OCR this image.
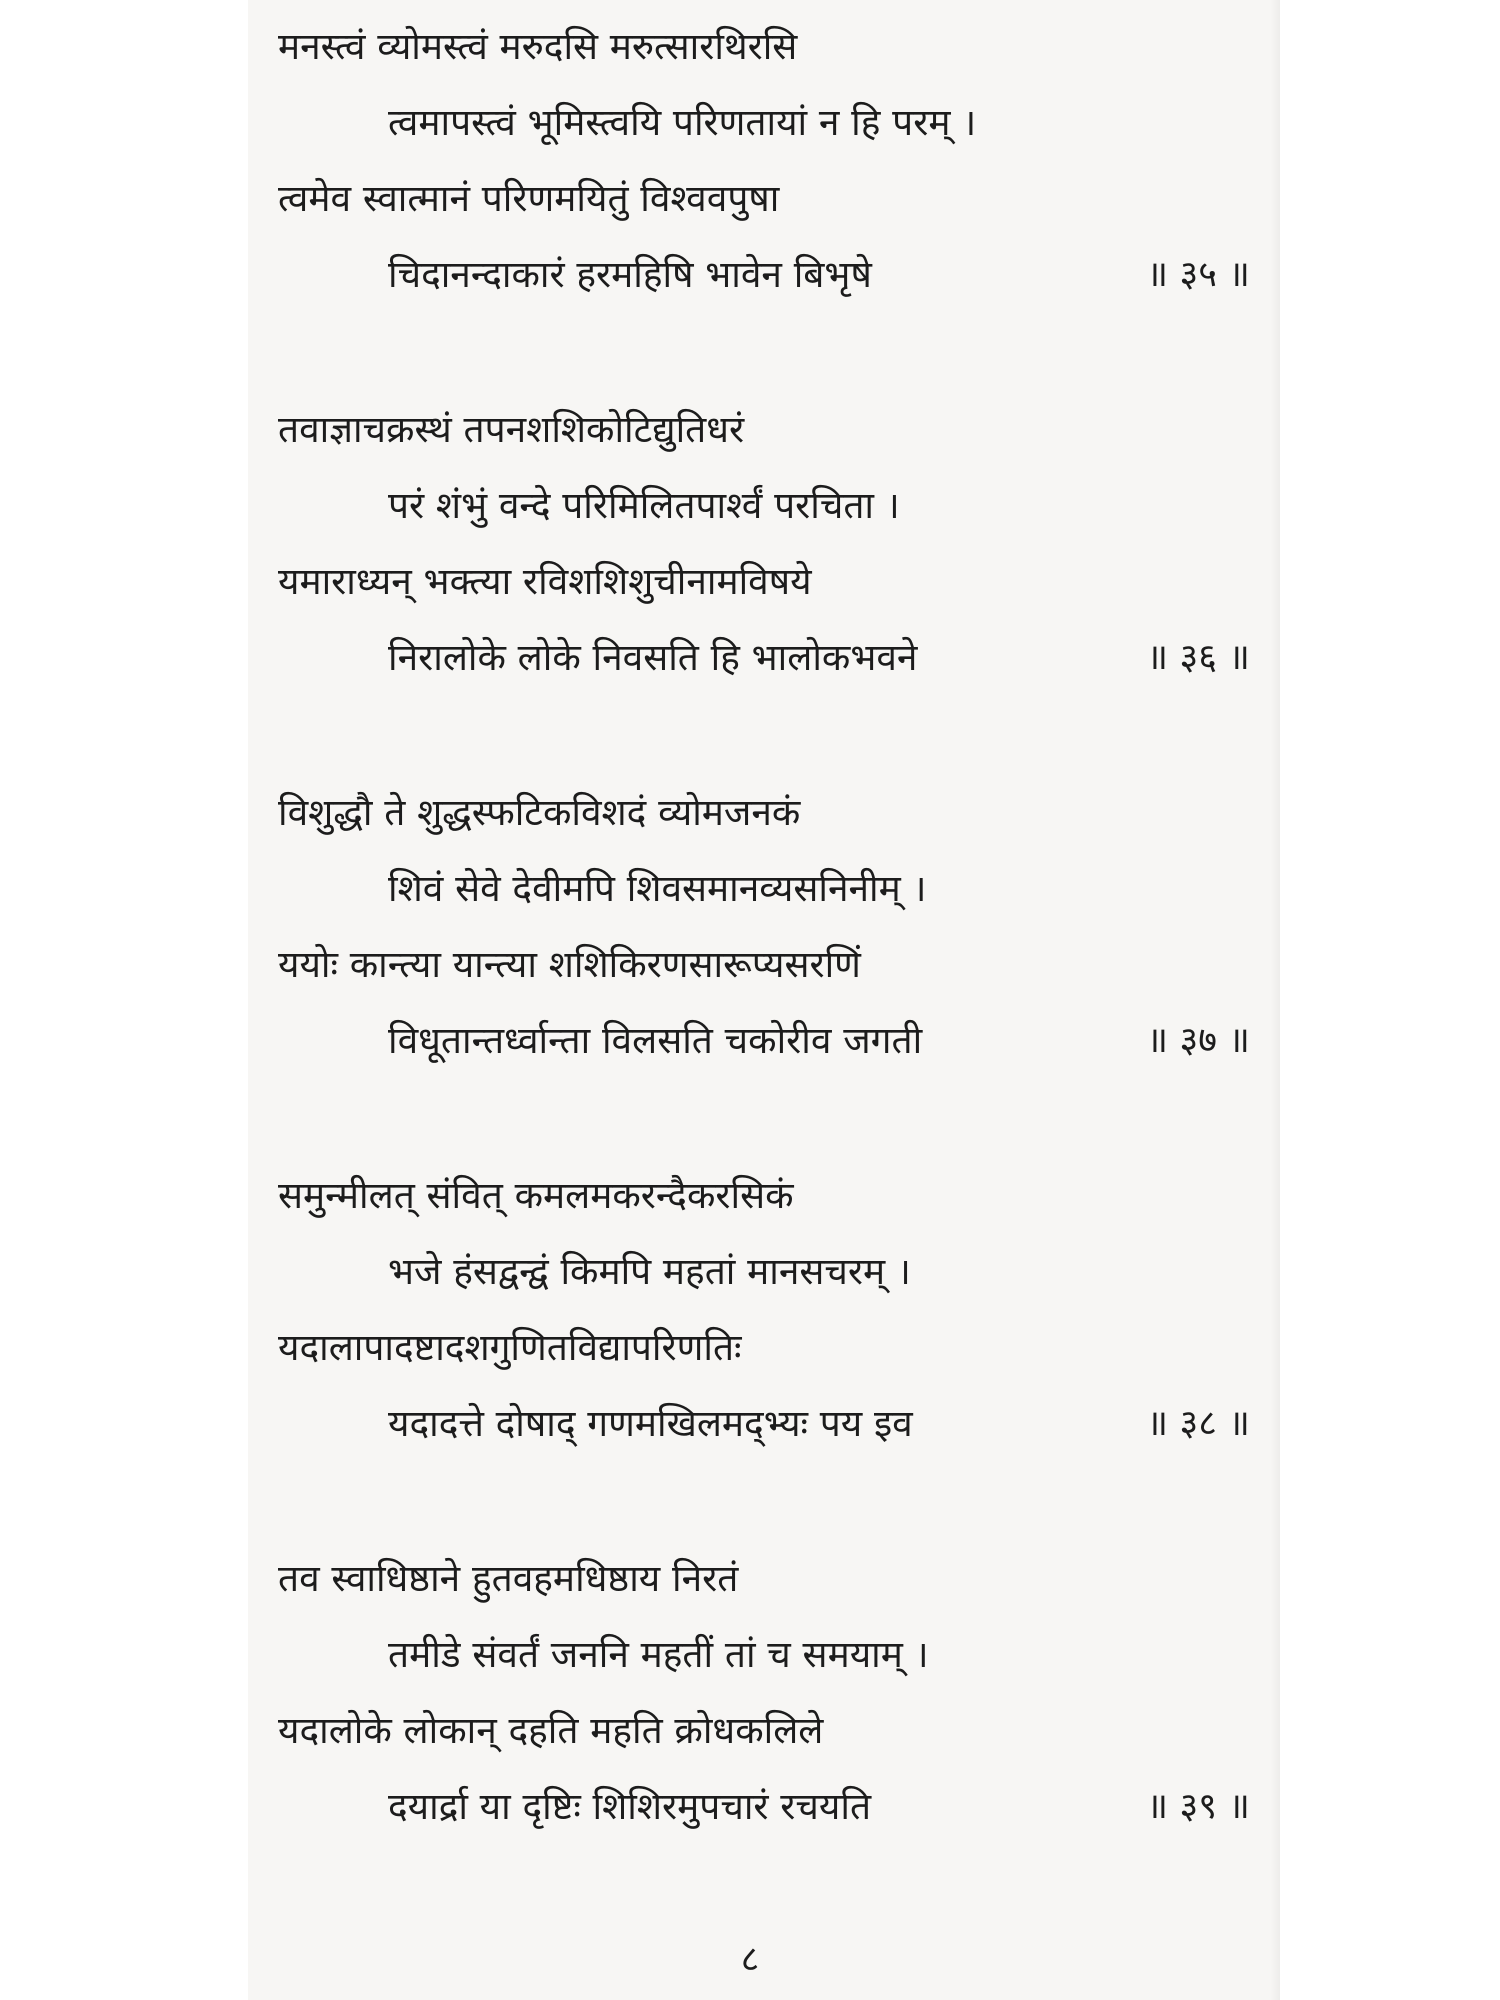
मनस्त्वं व्योमस्त्वं मरुदसि मरुत्सारथिरसि
त्वमापस्त्वं भूमिस्त्वयि परिणतायां न हि परम् ।
त्वमेव स्वात्मानं परिणमयितुं विश्ववपुषा
चिदानन्दाकारं हरमहिषि भावेन बिभृषे	॥ ३५ ॥
तवाज्ञाचक्रस्थं तपनशशिकोटिद्युतिधरं
परं शंभुं वन्दे परिमिलितपार्श्वं परचिता ।
यमाराध्यन् भक्त्या रविशशिशुचीनामविषये
निरालोके लोके निवसति हि भालोकभवने	॥ ३६ ॥
विशुद्धौ ते शुद्धस्फटिकविशदं व्योमजनकं
शिवं सेवे देवीमपि शिवसमानव्यसनिनीम् ।
ययोः कान्त्या यान्त्या शशिकिरणसारूप्यसरणिं
विधूतान्तर्ध्वान्ता विलसति चकोरीव जगती	॥ ३७ ॥
समुन्मीलत् संवित् कमलमकरन्दैकरसिकं
भजे हंसद्वन्द्वं किमपि महतां मानसचरम् ।
यदालापादष्टादशगुणितविद्यापरिणतिः
यदादत्ते दोषाद् गणमखिलमद्भ्यः पय इव	॥ ३८ ॥
तव स्वाधिष्ठाने हुतवहमधिष्ठाय निरतं
तमीडे संवर्तं जननि महतीं तां च समयाम् ।
यदालोके लोकान् दहति महति क्रोधकलिले
दयार्द्रा या दृष्टिः शिशिरमुपचारं रचयति	॥ ३९ ॥
८
